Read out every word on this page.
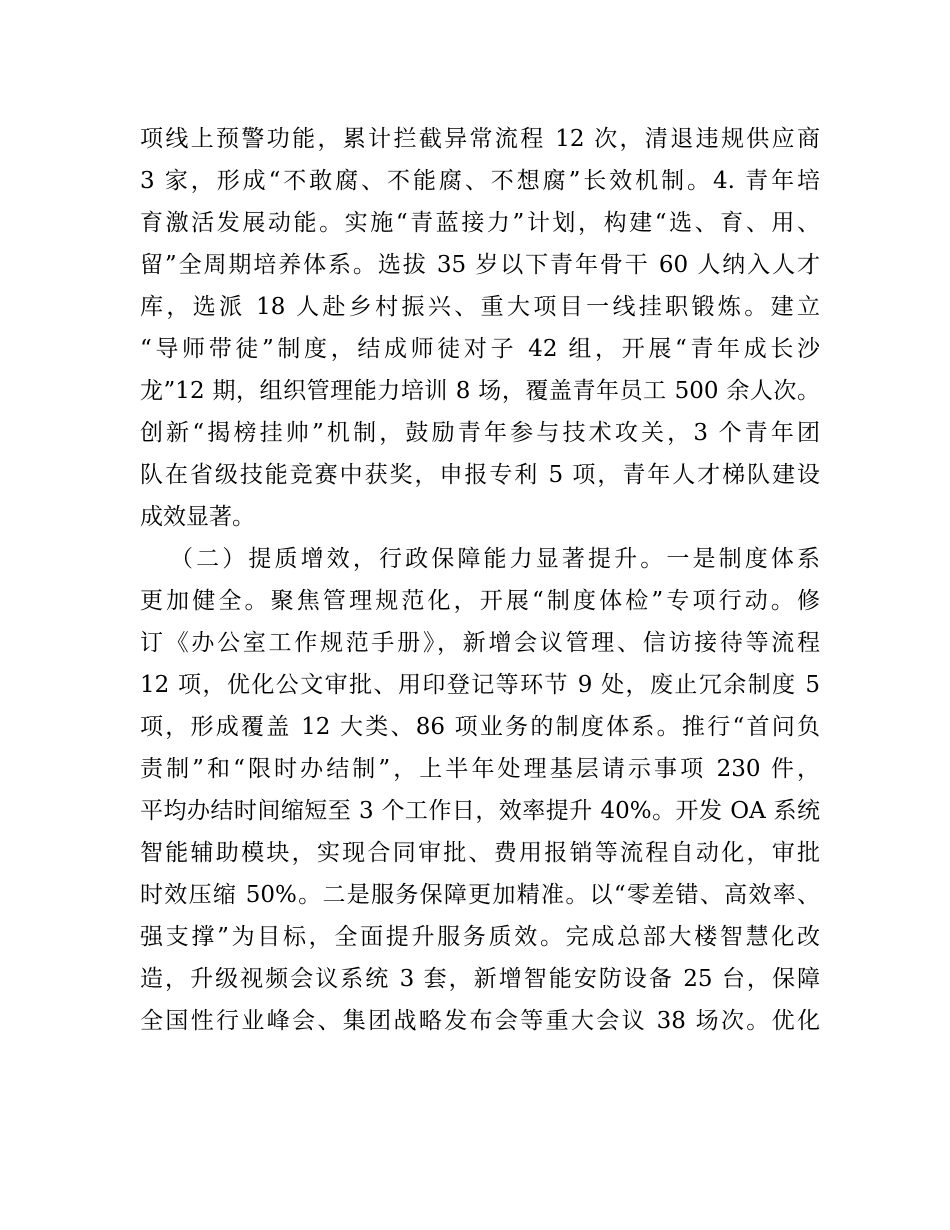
项线上预警功能，累计拦截异常流程 12 次，清退违规供应商
3 家，形成“不敢腐、不能腐、不想腐”长效机制。4. 青年培
育激活发展动能。实施“青蓝接力”计划，构建“选、育、用、
留”全周期培养体系。选拔 35 岁以下青年骨干 60 人纳入人才
库，选派 18 人赴乡村振兴、重大项目一线挂职锻炼。建立
“导师带徒”制度，结成师徒对子 42 组，开展“青年成长沙
龙”12 期，组织管理能力培训 8 场，覆盖青年员工 500 余人次。
创新“揭榜挂帅”机制，鼓励青年参与技术攻关，3 个青年团
队在省级技能竞赛中获奖，申报专利 5 项，青年人才梯队建设
成效显著。
（二）提质增效，行政保障能力显著提升。一是制度体系
更加健全。聚焦管理规范化，开展“制度体检”专项行动。修
订《办公室工作规范手册》，新增会议管理、信访接待等流程
12 项，优化公文审批、用印登记等环节 9 处，废止冗余制度 5
项，形成覆盖 12 大类、86 项业务的制度体系。推行“首问负
责制”和“限时办结制”，上半年处理基层请示事项 230 件，
平均办结时间缩短至 3 个工作日，效率提升 40%。开发 OA 系统
智能辅助模块，实现合同审批、费用报销等流程自动化，审批
时效压缩 50%。二是服务保障更加精准。以“零差错、高效率、
强支撑”为目标，全面提升服务质效。完成总部大楼智慧化改
造，升级视频会议系统 3 套，新增智能安防设备 25 台，保障
全国性行业峰会、集团战略发布会等重大会议 38 场次。优化
